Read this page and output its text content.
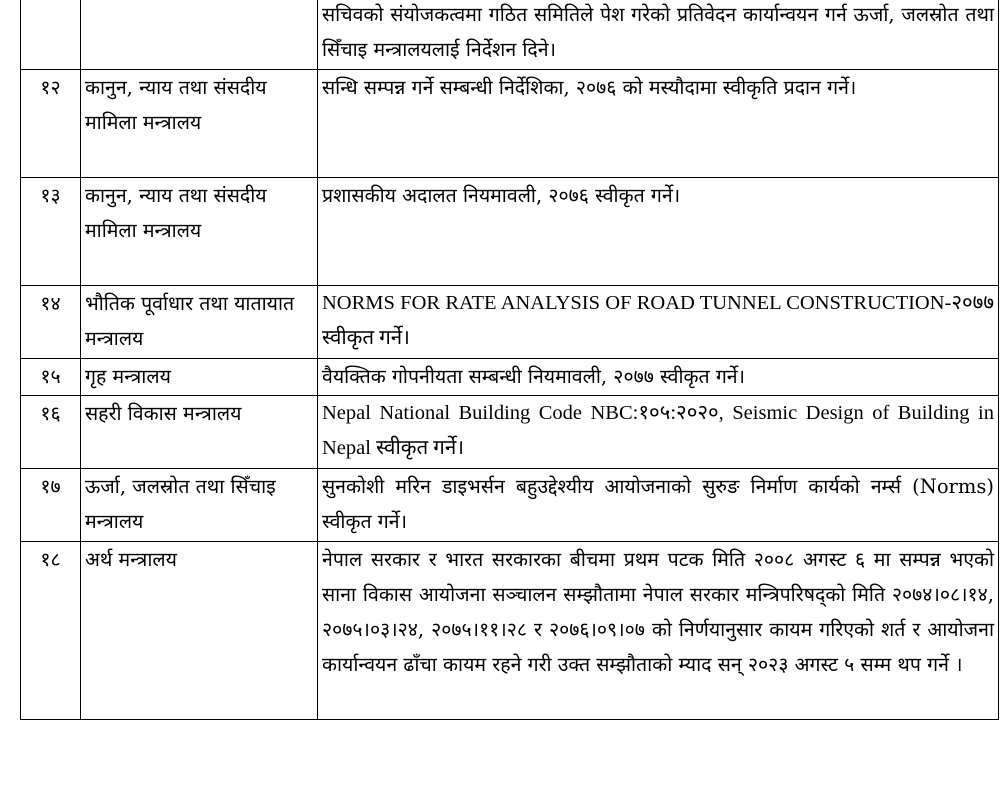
		सचिवको संयोजकत्वमा गठित समितिले पेश गरेको प्रतिवेदन कार्यान्वयन गर्न ऊर्जा, जलस्रोत तथा सिँचाइ मन्त्रालयलाई निर्देशन दिने।
१२	कानुन, न्याय तथा संसदीय मामिला मन्त्रालय	सन्धि सम्पन्न गर्ने सम्बन्धी निर्देशिका, २०७६ को मस्यौदामा स्वीकृति प्रदान गर्ने।
१३	कानुन, न्याय तथा संसदीय मामिला मन्त्रालय	प्रशासकीय अदालत नियमावली, २०७६ स्वीकृत गर्ने।
१४	भौतिक पूर्वाधार तथा यातायात मन्त्रालय	NORMS FOR RATE ANALYSIS OF ROAD TUNNEL CONSTRUCTION-२०७७ स्वीकृत गर्ने।
१५	गृह मन्त्रालय	वैयक्तिक गोपनीयता सम्बन्धी नियमावली, २०७७ स्वीकृत गर्ने।
१६	सहरी विकास मन्त्रालय	Nepal National Building Code NBC:१०५:२०२०, Seismic Design of Building in Nepal स्वीकृत गर्ने।
१७	ऊर्जा, जलस्रोत तथा सिँचाइ मन्त्रालय	सुनकोशी मरिन डाइभर्सन बहुउद्देश्यीय आयोजनाको सुरुङ निर्माण कार्यको नर्म्स (Norms) स्वीकृत गर्ने।
१८	अर्थ मन्त्रालय	नेपाल सरकार र भारत सरकारका बीचमा प्रथम पटक मिति २००८ अगस्ट ६ मा सम्पन्न भएको साना विकास आयोजना सञ्चालन सम्झौतामा नेपाल सरकार मन्त्रिपरिषद्को मिति २०७४।०८।१४, २०७५।०३।२४, २०७५।११।२८ र २०७६।०९।०७ को निर्णयानुसार कायम गरिएको शर्त र आयोजना कार्यान्वयन ढाँचा कायम रहने गरी उक्त सम्झौताको म्याद सन् २०२३ अगस्ट ५ सम्म थप गर्ने ।
